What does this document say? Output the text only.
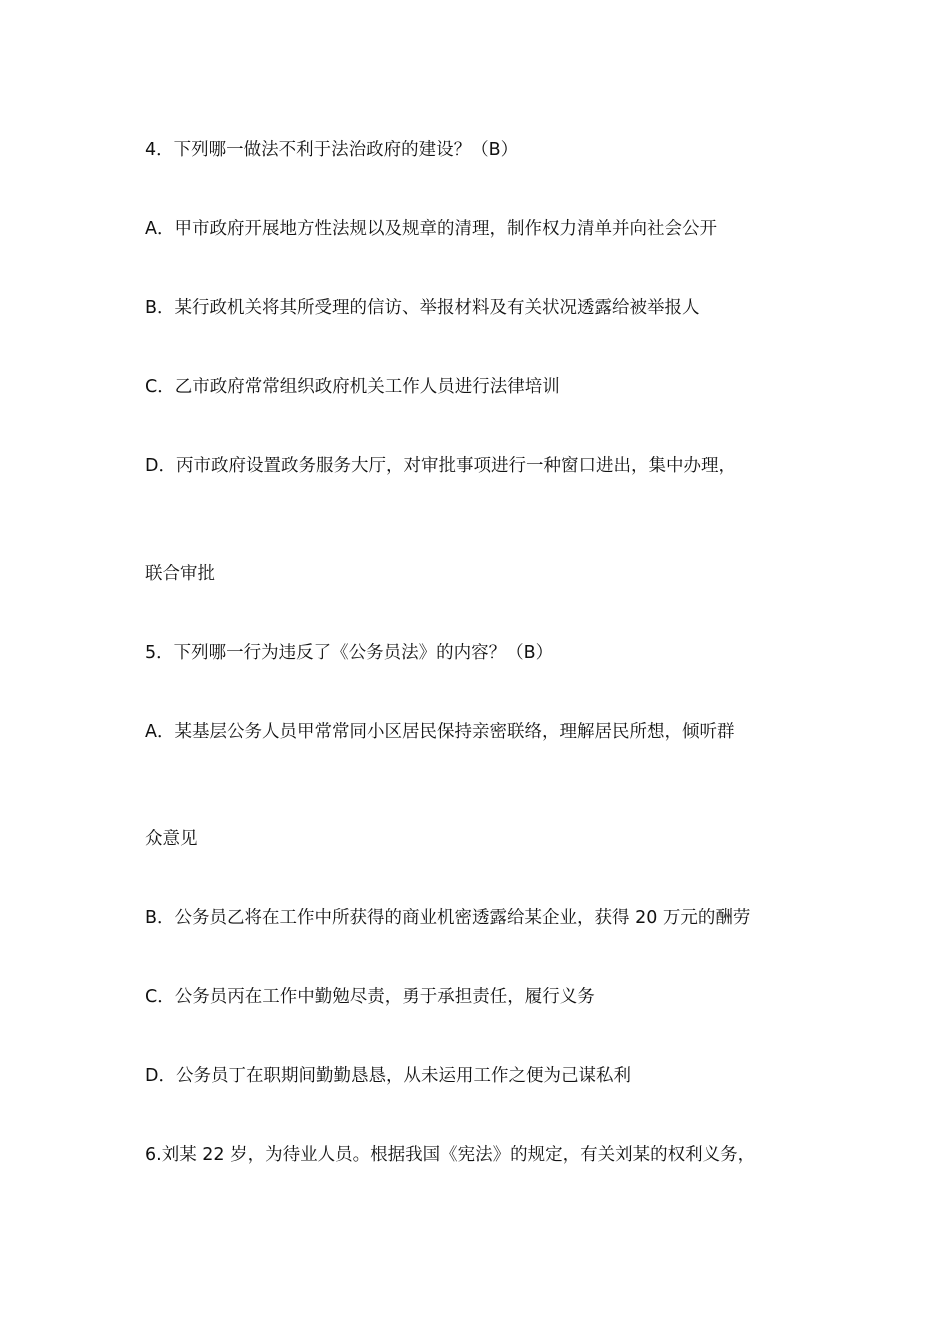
4．下列哪一做法不利于法治政府的建设？（B）
A．甲市政府开展地方性法规以及规章的清理，制作权力清单并向社会公开
B．某行政机关将其所受理的信访、举报材料及有关状况透露给被举报人
C．乙市政府常常组织政府机关工作人员进行法律培训
D．丙市政府设置政务服务大厅，对审批事项进行一种窗口进出，集中办理，
联合审批
5．下列哪一行为违反了《公务员法》的内容？（B）
A．某基层公务人员甲常常同小区居民保持亲密联络，理解居民所想，倾听群
众意见
B．公务员乙将在工作中所获得的商业机密透露给某企业，获得 20 万元的酬劳
C．公务员丙在工作中勤勉尽责，勇于承担责任，履行义务
D．公务员丁在职期间勤勤恳恳，从未运用工作之便为己谋私利
6.刘某 22 岁，为待业人员。根据我国《宪法》的规定，有关刘某的权利义务，
